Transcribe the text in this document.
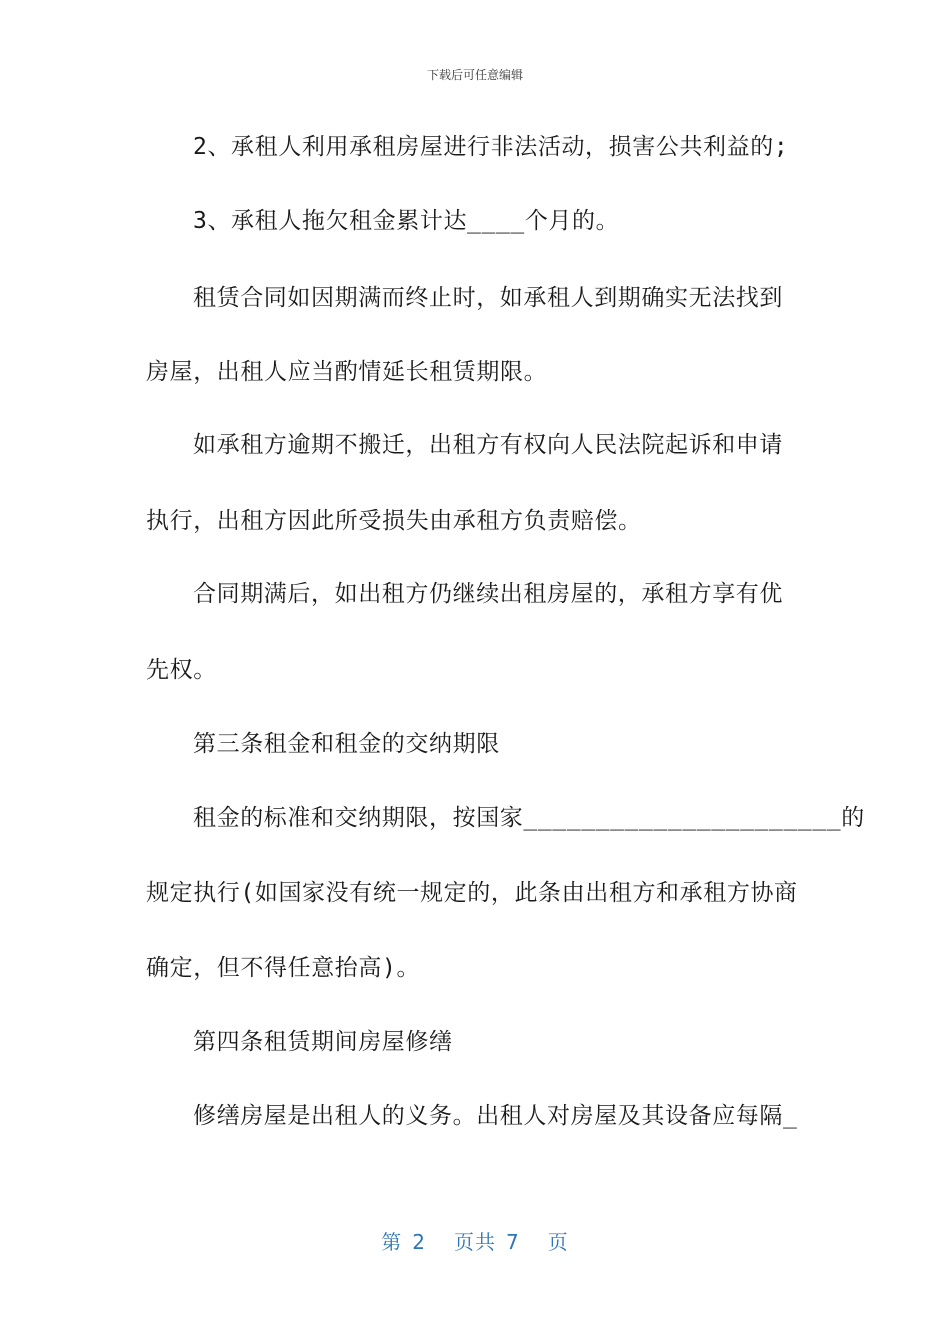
下载后可任意编辑
2、承租人利用承租房屋进行非法活动，损害公共利益的;
3、承租人拖欠租金累计达____个月的。
租赁合同如因期满而终止时，如承租人到期确实无法找到
房屋，出租人应当酌情延长租赁期限。
如承租方逾期不搬迁，出租方有权向人民法院起诉和申请
执行，出租方因此所受损失由承租方负责赔偿。
合同期满后，如出租方仍继续出租房屋的，承租方享有优
先权。
第三条租金和租金的交纳期限
租金的标准和交纳期限，按国家______________________的
规定执行(如国家没有统一规定的，此条由出租方和承租方协商
确定，但不得任意抬高)。
第四条租赁期间房屋修缮
修缮房屋是出租人的义务。出租人对房屋及其设备应每隔_
第 2 页共 7 页
